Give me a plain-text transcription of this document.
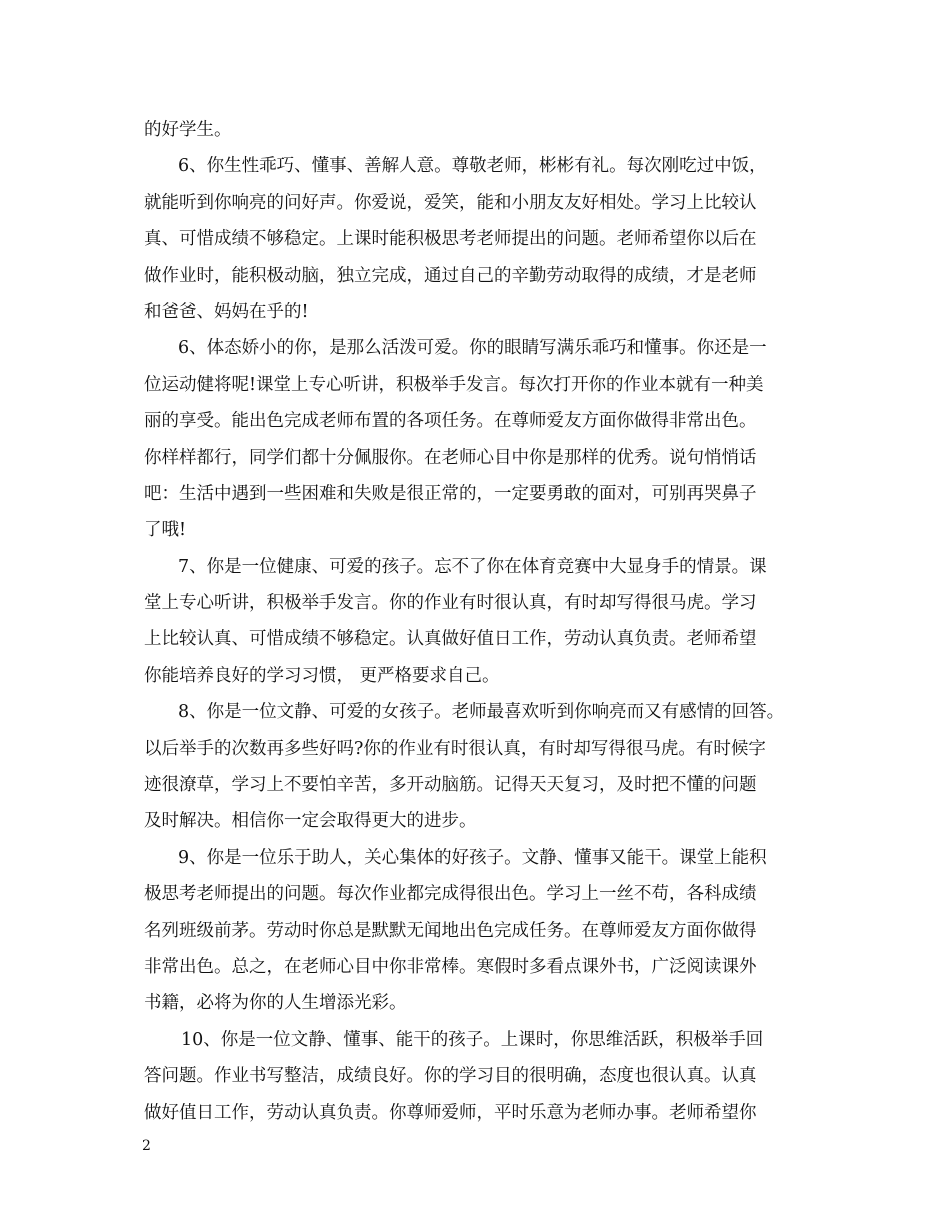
的好学生。
6、你生性乖巧、懂事、善解人意。尊敬老师，彬彬有礼。每次刚吃过中饭，
就能听到你响亮的问好声。你爱说，爱笑，能和小朋友友好相处。学习上比较认
真、可惜成绩不够稳定。上课时能积极思考老师提出的问题。老师希望你以后在
做作业时，能积极动脑，独立完成，通过自己的辛勤劳动取得的成绩，才是老师
和爸爸、妈妈在乎的!
6、体态娇小的你，是那么活泼可爱。你的眼睛写满乐乖巧和懂事。你还是一
位运动健将呢!课堂上专心听讲，积极举手发言。每次打开你的作业本就有一种美
丽的享受。能出色完成老师布置的各项任务。在尊师爱友方面你做得非常出色。
你样样都行，同学们都十分佩服你。在老师心目中你是那样的优秀。说句悄悄话
吧：生活中遇到一些困难和失败是很正常的，一定要勇敢的面对，可别再哭鼻子
了哦!
7、你是一位健康、可爱的孩子。忘不了你在体育竞赛中大显身手的情景。课
堂上专心听讲，积极举手发言。你的作业有时很认真，有时却写得很马虎。学习
上比较认真、可惜成绩不够稳定。认真做好值日工作，劳动认真负责。老师希望
你能培养良好的学习习惯， 更严格要求自己。
8、你是一位文静、可爱的女孩子。老师最喜欢听到你响亮而又有感情的回答。
以后举手的次数再多些好吗?你的作业有时很认真，有时却写得很马虎。有时候字
迹很潦草，学习上不要怕辛苦，多开动脑筋。记得天天复习，及时把不懂的问题
及时解决。相信你一定会取得更大的进步。
9、你是一位乐于助人，关心集体的好孩子。文静、懂事又能干。课堂上能积
极思考老师提出的问题。每次作业都完成得很出色。学习上一丝不苟，各科成绩
名列班级前茅。劳动时你总是默默无闻地出色完成任务。在尊师爱友方面你做得
非常出色。总之，在老师心目中你非常棒。寒假时多看点课外书，广泛阅读课外
书籍，必将为你的人生增添光彩。
10、你是一位文静、懂事、能干的孩子。上课时，你思维活跃，积极举手回
答问题。作业书写整洁，成绩良好。你的学习目的很明确，态度也很认真。认真
做好值日工作，劳动认真负责。你尊师爱师，平时乐意为老师办事。老师希望你
2
